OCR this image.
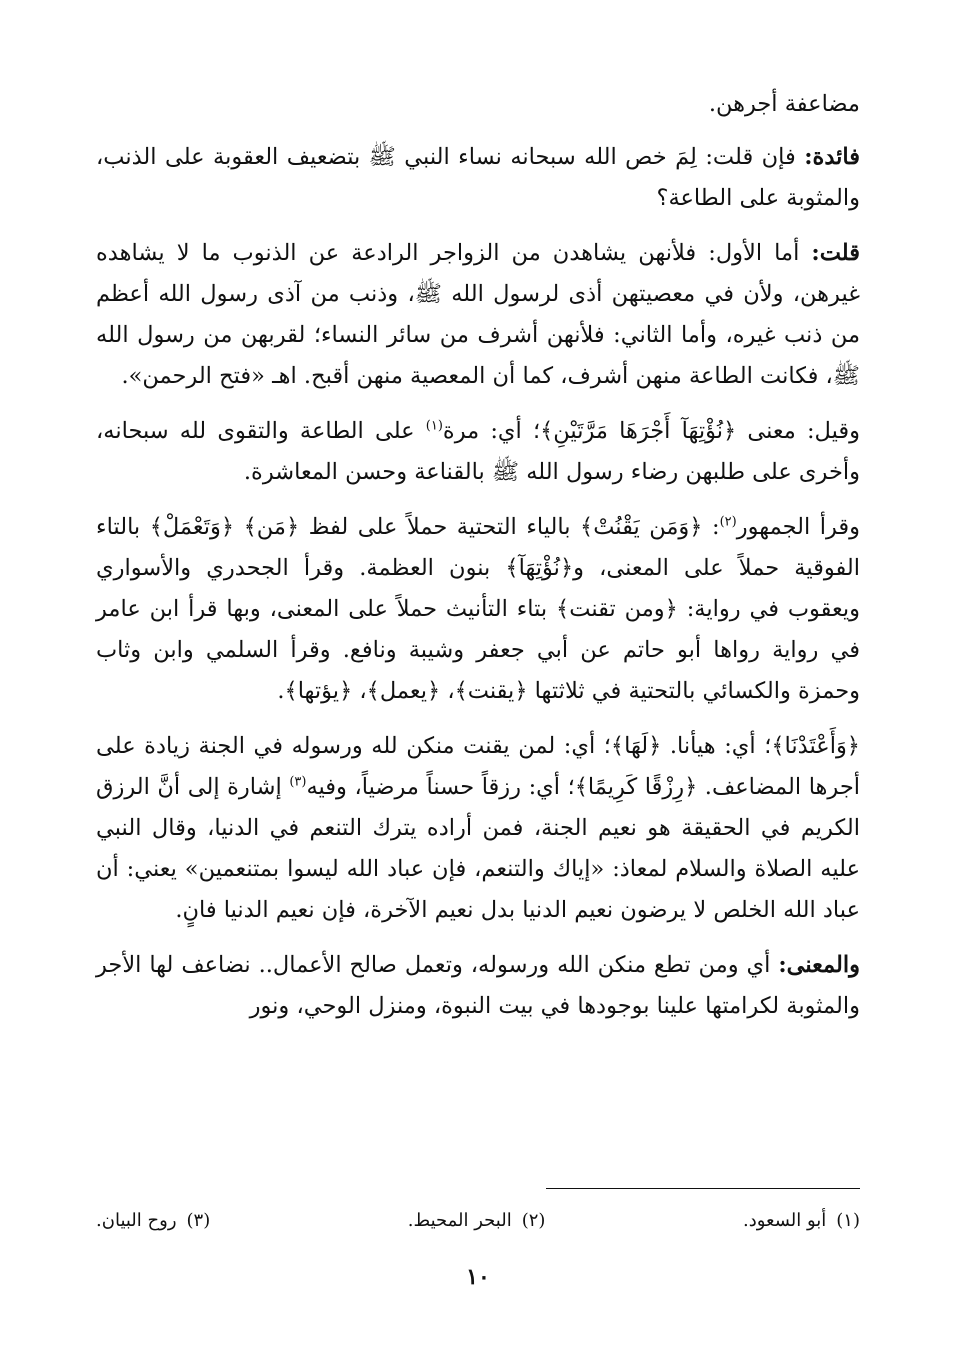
مضاعفة أجرهن.

فائدة: فإن قلت: لِمَ خص الله سبحانه نساء النبي ﷺ بتضعيف العقوبة على الذنب، والمثوبة على الطاعة؟

قلت: أما الأول: فلأنهن يشاهدن من الزواجر الرادعة عن الذنوب ما لا يشاهده غيرهن، ولأن في معصيتهن أذى لرسول الله ﷺ، وذنب من آذى رسول الله أعظم من ذنب غيره، وأما الثاني: فلأنهن أشرف من سائر النساء؛ لقربهن من رسول الله ﷺ، فكانت الطاعة منهن أشرف، كما أن المعصية منهن أقبح. اهـ «فتح الرحمن».

وقيل: معنى ﴿نُؤْتِهَآ أَجْرَهَا مَرَّتَيْنِ﴾؛ أي: مرة$^{(١)}$ على الطاعة والتقوى لله سبحانه، وأخرى على طلبهن رضاء رسول الله ﷺ بالقناعة وحسن المعاشرة.

وقرأ الجمهور$^{(٢)}$: ﴿وَمَن يَقْنُتْ﴾ بالياء التحتية حملاً على لفظ ﴿مَن﴾ ﴿وَتَعْمَلْ﴾ بالتاء الفوقية حملاً على المعنى، و﴿نُؤْتِهَآ﴾ بنون العظمة. وقرأ الجحدري والأسواري ويعقوب في رواية: ﴿ومن تقنت﴾ بتاء التأنيث حملاً على المعنى، وبها قرأ ابن عامر في رواية رواها أبو حاتم عن أبي جعفر وشيبة ونافع. وقرأ السلمي وابن وثاب وحمزة والكسائي بالتحتية في ثلاثتها ﴿يقنت﴾، ﴿يعمل﴾، ﴿يؤتها﴾.

﴿وَأَعْتَدْنَا﴾؛ أي: هيأنا. ﴿لَهَا﴾؛ أي: لمن يقنت منكن لله ورسوله في الجنة زيادة على أجرها المضاعف. ﴿رِزْقًا كَرِيمًا﴾؛ أي: رزقاً حسناً مرضياً، وفيه$^{(٣)}$ إشارة إلى أنَّ الرزق الكريم في الحقيقة هو نعيم الجنة، فمن أراده يترك التنعم في الدنيا، وقال النبي عليه الصلاة والسلام لمعاذ: «إياك والتنعم، فإن عباد الله ليسوا بمتنعمين» يعني: أن عباد الله الخلص لا يرضون نعيم الدنيا بدل نعيم الآخرة، فإن نعيم الدنيا فانٍ.

والمعنى: أي ومن تطع منكن الله ورسوله، وتعمل صالح الأعمال.. نضاعف لها الأجر والمثوبة لكرامتها علينا بوجودها في بيت النبوة، ومنزل الوحي، ونور

(١)أبو السعود.
(٢)البحر المحيط.
(٣)روح البيان.
١٠
